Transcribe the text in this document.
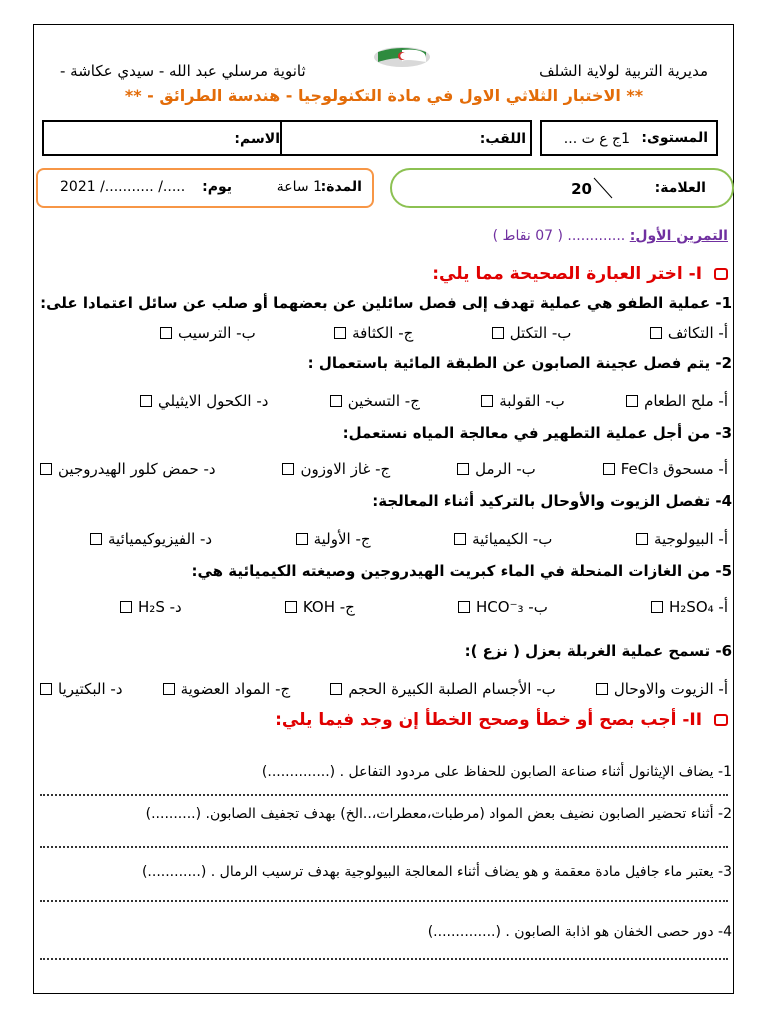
مديرية التربية لولاية الشلف
ثانوية مرسلي عبد الله - سيدي عكاشة -
** الاختبار الثلاثي الاول في مادة التكنولوجيا - هندسة الطرائق - **
المستوى:
1ج ع ت ...
اللقب:
الاسم:
العلامة:
20
المدة:
1 ساعة
يوم:
...../ .........../ 2021
التمرين الأول: ............. ( 07 نقاط )
I- اختر العبارة الصحيحة مما يلي:
1- عملية الطفو هي عملية تهدف إلى فصل سائلين عن بعضهما أو صلب عن سائل اعتمادا على:
أ- التكاثف
ب- التكتل
ج- الكثافة
ب- الترسيب
2- يتم فصل عجينة الصابون عن الطبقة المائية باستعمال :
أ- ملح الطعام
ب- القولبة
ج- التسخين
د- الكحول الايثيلي
3- من أجل عملية التطهير في معالجة المياه نستعمل:
أ- مسحوق FeCl₃
ب- الرمل
ج- غاز الاوزون
د- حمض كلور الهيدروجين
4- تفصل الزيوت والأوحال بالتركيد أثناء المعالجة:
أ- البيولوجية
ب- الكيميائية
ج- الأولية
د- الفيزيوكيميائية
5- من الغازات المنحلة في الماء كبريت الهيدروجين وصيغته الكيميائية هي:
أ- H₂SO₄
ب- HCO⁻₃
ج- KOH
د- H₂S
6- تسمح عملية الغربلة بعزل ( نزع ):
أ- الزيوت والاوحال
ب- الأجسام الصلبة الكبيرة الحجم
ج- المواد العضوية
د- البكتيريا
II- أجب بصح أو خطأ وصحح الخطأ إن وجد فيما يلي:
1- يضاف الإيثانول أثناء صناعة الصابون للحفاظ على مردود التفاعل . (..............)
2- أثناء تحضير الصابون نضيف بعض المواد (مرطبات،معطرات،..الخ) بهدف تجفيف الصابون. (..........)
3- يعتبر ماء جافيل مادة معقمة و هو يضاف أثناء المعالجة البيولوجية بهدف ترسيب الرمال . (............)
4- دور حصى الخفان هو اذابة الصابون . (..............)
